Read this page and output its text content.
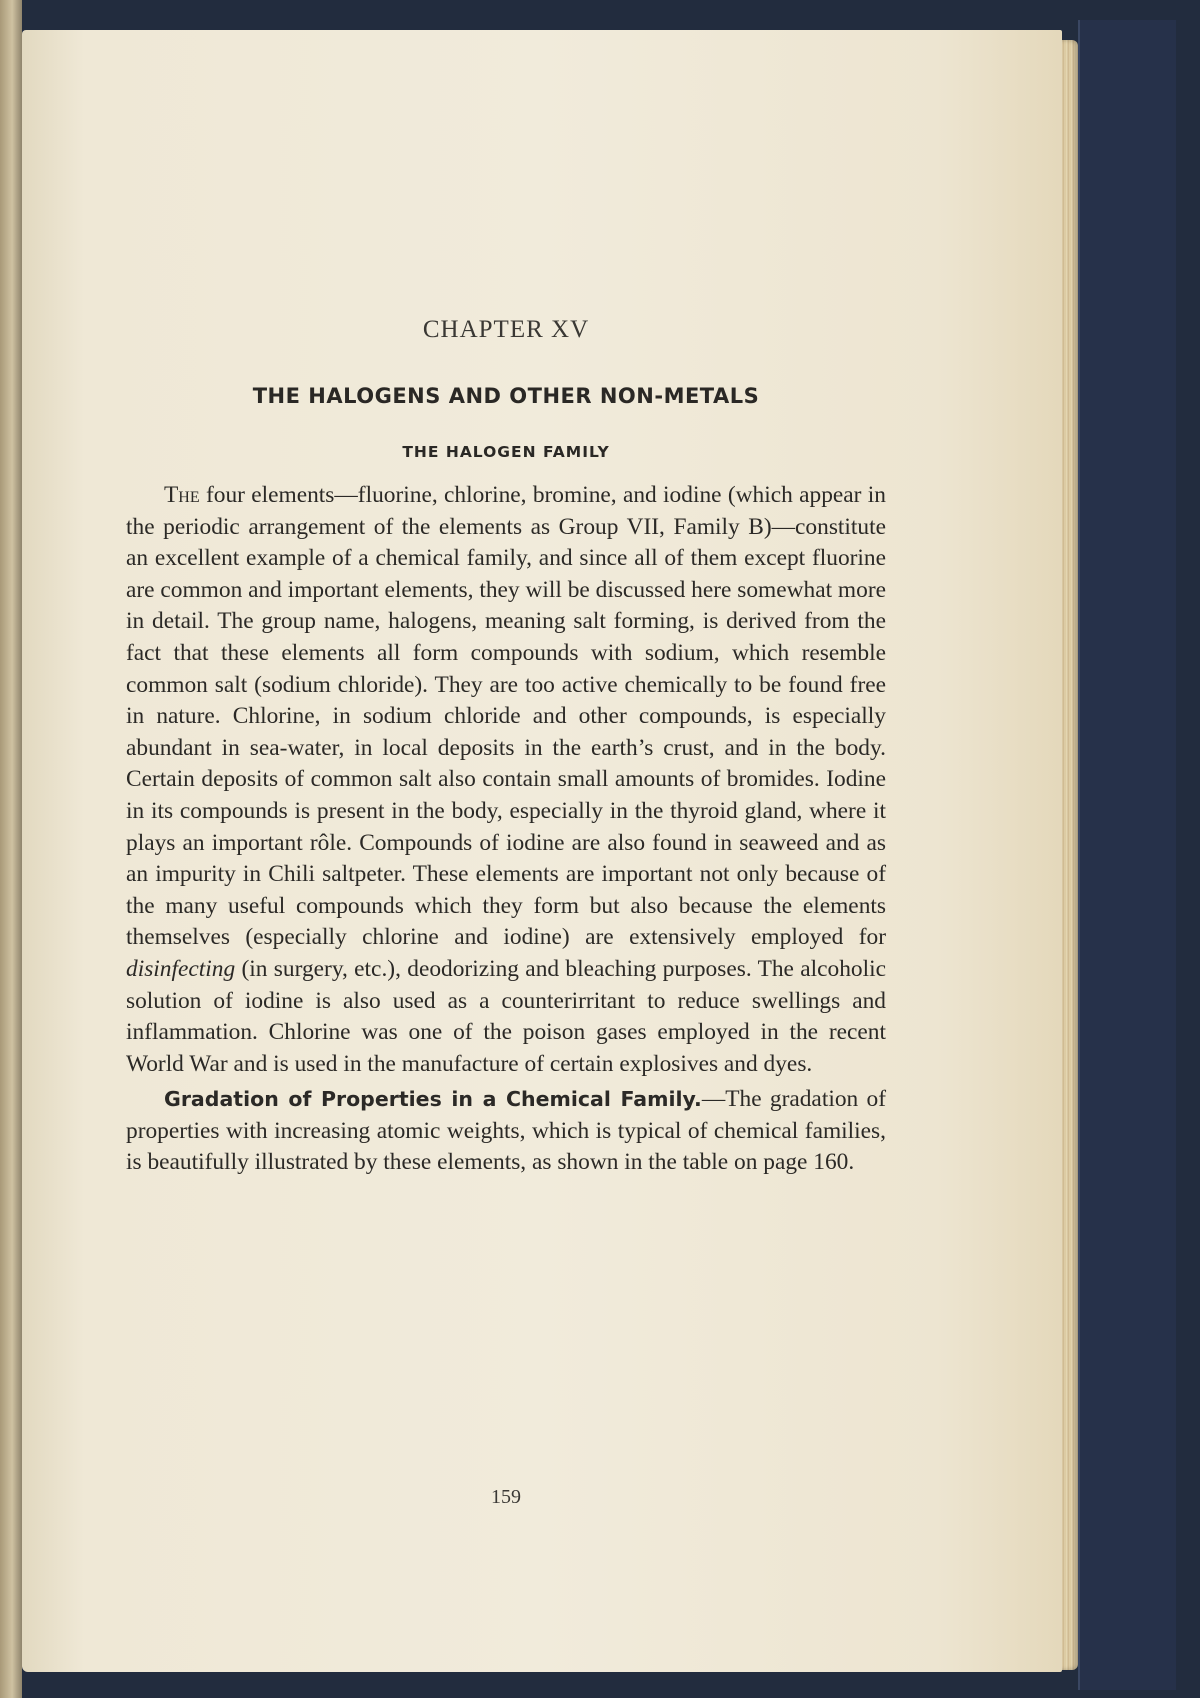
CHAPTER XV
THE HALOGENS AND OTHER NON-METALS
THE HALOGEN FAMILY

The four elements—fluorine, chlorine, bromine, and iodine (which appear in the periodic arrangement of the elements as Group VII, Family B)—constitute an excellent example of a chemical family, and since all of them except fluorine are common and important elements, they will be discussed here somewhat more in detail. The group name, halogens, meaning salt forming, is derived from the fact that these elements all form compounds with sodium, which resemble common salt (sodium chloride). They are too active chemically to be found free in nature. Chlorine, in sodium chloride and other compounds, is especially abundant in sea-water, in local deposits in the earth’s crust, and in the body. Certain deposits of common salt also contain small amounts of bromides. Iodine in its compounds is present in the body, especially in the thyroid gland, where it plays an important rôle. Compounds of iodine are also found in seaweed and as an impurity in Chili saltpeter. These elements are important not only because of the many useful compounds which they form but also because the elements themselves (especially chlorine and iodine) are extensively employed for disinfecting (in surgery, etc.), deodorizing and bleaching purposes. The alcoholic solution of iodine is also used as a counterirritant to reduce swellings and inflammation. Chlorine was one of the poison gases employed in the recent World War and is used in the manufacture of certain explosives and dyes.

Gradation of Properties in a Chemical Family.—The gradation of properties with increasing atomic weights, which is typical of chemical families, is beautifully illustrated by these elements, as shown in the table on page 160.

159
